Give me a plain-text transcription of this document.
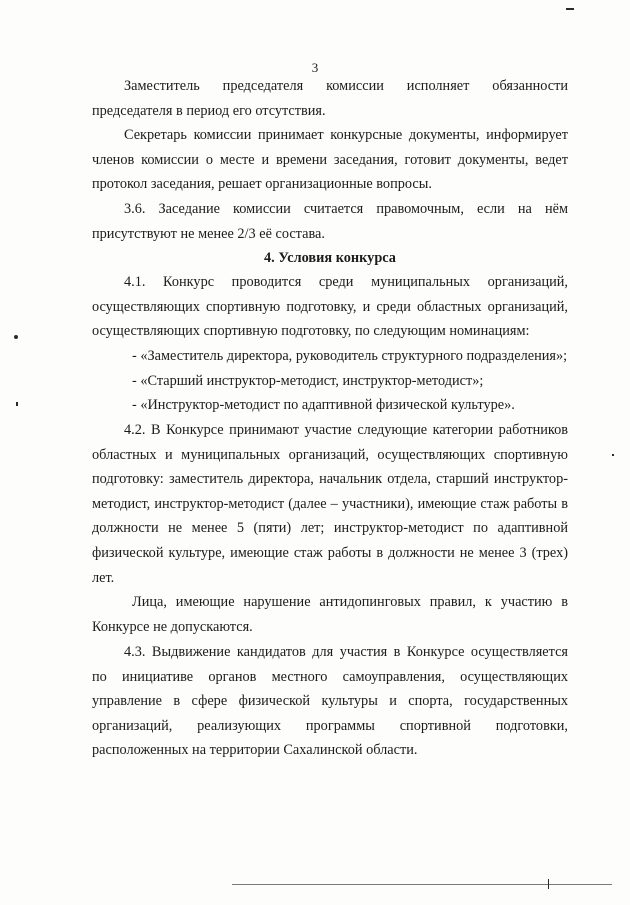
3
Заместитель председателя комиссии исполняет обязанности
председателя в период его отсутствия.
Секретарь комиссии принимает конкурсные документы, информирует
членов комиссии о месте и времени заседания, готовит документы, ведет
протокол заседания, решает организационные вопросы.
3.6. Заседание комиссии считается правомочным, если на нём
присутствуют не менее 2/3 её состава.
4. Условия конкурса
4.1. Конкурс проводится среди муниципальных организаций,
осуществляющих спортивную подготовку, и среди областных организаций,
осуществляющих спортивную подготовку, по следующим номинациям:
- «Заместитель директора, руководитель структурного подразделения»;
- «Старший инструктор-методист, инструктор-методист»;
- «Инструктор-методист по адаптивной физической культуре».
4.2. В Конкурсе принимают участие следующие категории работников
областных и муниципальных организаций, осуществляющих спортивную
подготовку: заместитель директора, начальник отдела, старший инструктор-
методист, инструктор-методист (далее – участники), имеющие стаж работы в
должности не менее 5 (пяти) лет; инструктор-методист по адаптивной
физической культуре, имеющие стаж работы в должности не менее 3 (трех)
лет.
Лица, имеющие нарушение антидопинговых правил, к участию в
Конкурсе не допускаются.
4.3. Выдвижение кандидатов для участия в Конкурсе осуществляется
по инициативе органов местного самоуправления, осуществляющих
управление в сфере физической культуры и спорта, государственных
организаций, реализующих программы спортивной подготовки,
расположенных на территории Сахалинской области.
